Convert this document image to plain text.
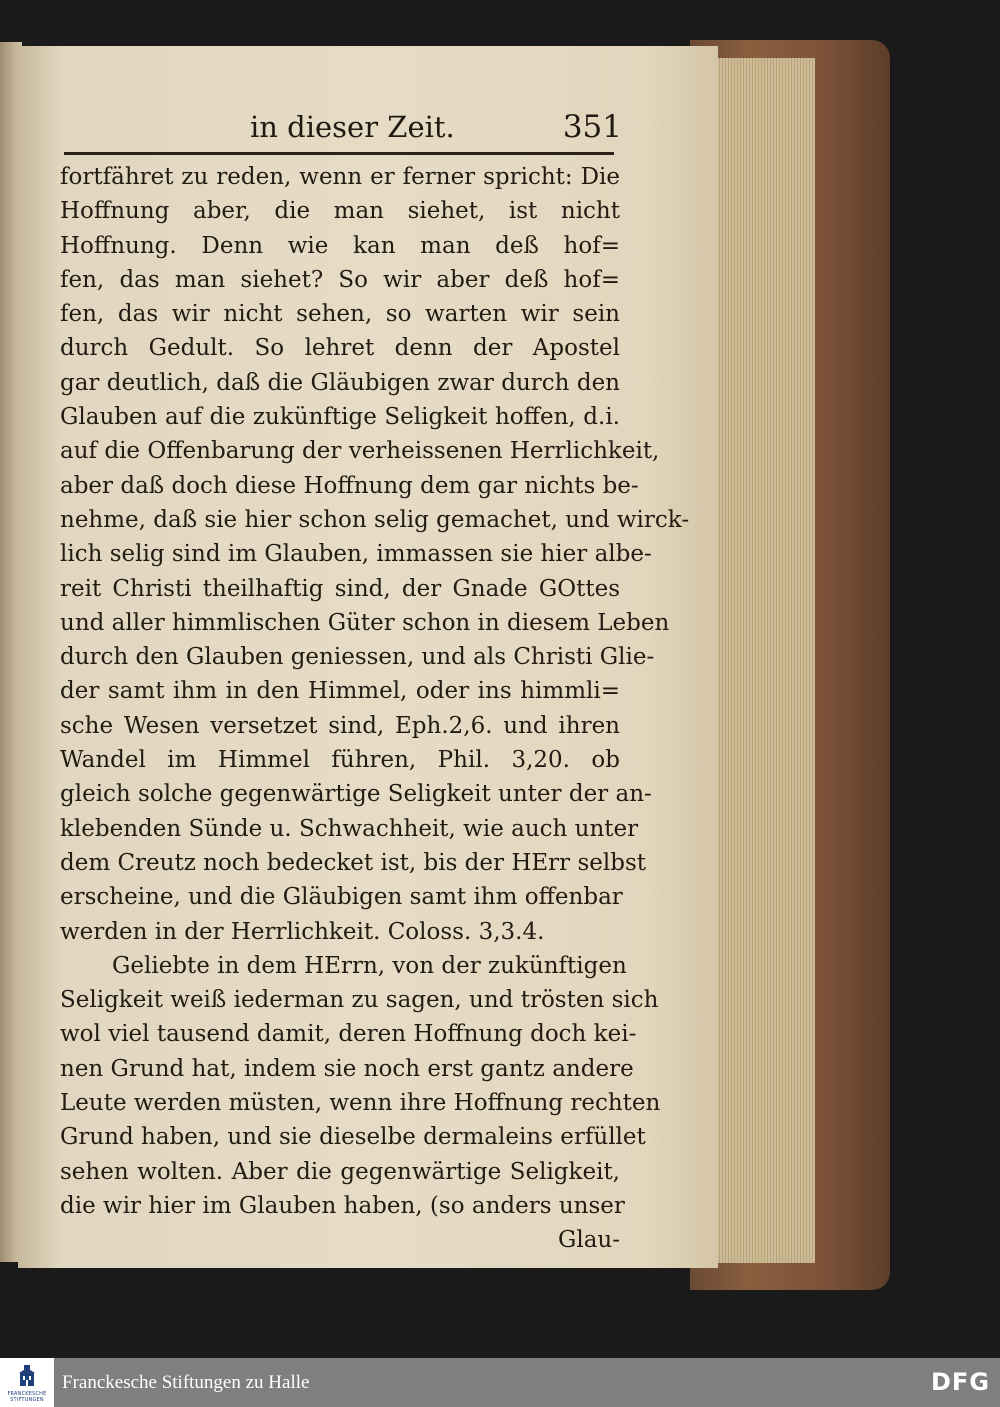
in dieser Zeit.	351
fortfähret zu reden, wenn er ferner spricht: Die
Hoffnung aber, die man siehet, ist nicht
Hoffnung. Denn wie kan man deß hof=
fen, das man siehet? So wir aber deß hof=
fen, das wir nicht sehen, so warten wir sein
durch Gedult. So lehret denn der Apostel
gar deutlich, daß die Gläubigen zwar durch den
Glauben auf die zukünftige Seligkeit hoffen, d.i.
auf die Offenbarung der verheissenen Herrlichkeit,
aber daß doch diese Hoffnung dem gar nichts be-
nehme, daß sie hier schon selig gemachet, und wirck-
lich selig sind im Glauben, immassen sie hier albe-
reit Christi theilhaftig sind, der Gnade GOttes
und aller himmlischen Güter schon in diesem Leben
durch den Glauben geniessen, und als Christi Glie-
der samt ihm in den Himmel, oder ins himmli=
sche Wesen versetzet sind, Eph.2,6. und ihren
Wandel im Himmel führen, Phil. 3,20. ob
gleich solche gegenwärtige Seligkeit unter der an-
klebenden Sünde u. Schwachheit, wie auch unter
dem Creutz noch bedecket ist, bis der HErr selbst
erscheine, und die Gläubigen samt ihm offenbar
werden in der Herrlichkeit. Coloss. 3,3.4.
Geliebte in dem HErrn, von der zukünftigen
Seligkeit weiß iederman zu sagen, und trösten sich
wol viel tausend damit, deren Hoffnung doch kei-
nen Grund hat, indem sie noch erst gantz andere
Leute werden müsten, wenn ihre Hoffnung rechten
Grund haben, und sie dieselbe dermaleins erfüllet
sehen wolten. Aber die gegenwärtige Seligkeit,
die wir hier im Glauben haben, (so anders unser
Glau-
FRANCKESCHE STIFTUNGEN
Franckesche Stiftungen zu Halle	DFG
